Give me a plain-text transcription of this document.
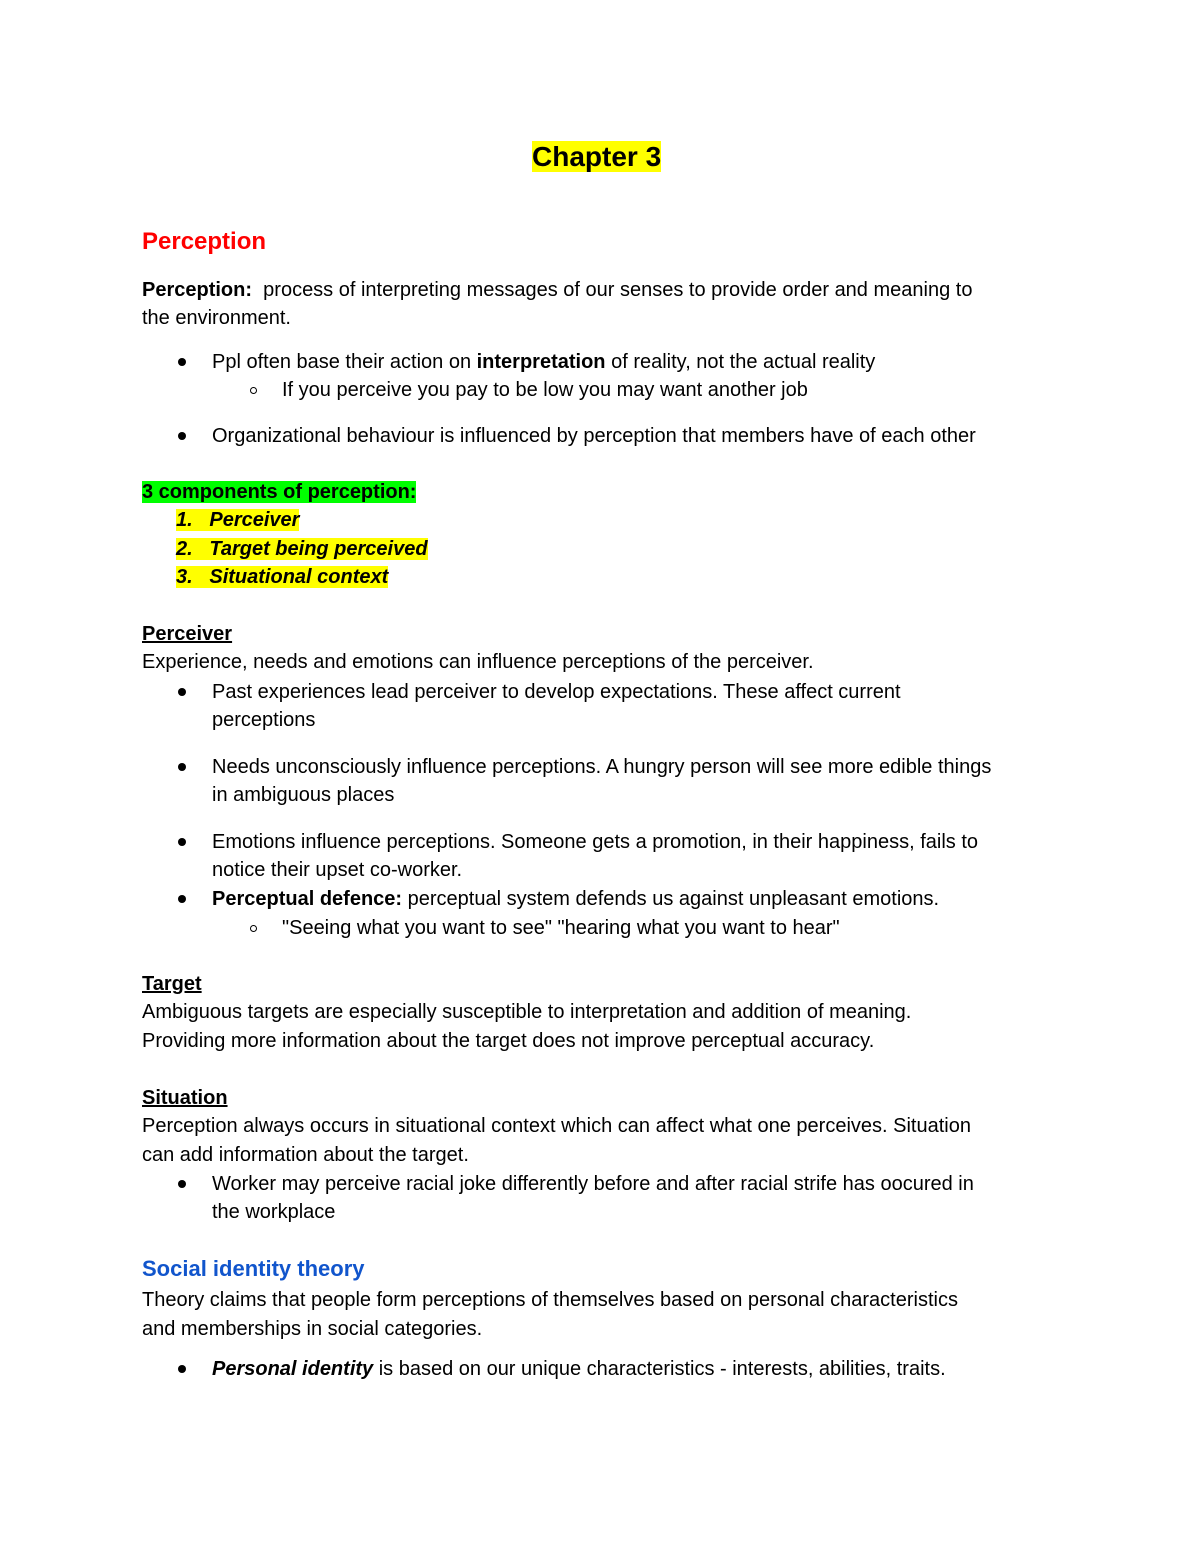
Chapter 3
Perception
Perception: process of interpreting messages of our senses to provide order and meaning to
the environment.
Ppl often base their action on interpretation of reality, not the actual reality
If you perceive you pay to be low you may want another job
Organizational behaviour is influenced by perception that members have of each other
3 components of perception:
1. Perceiver
2. Target being perceived
3. Situational context
Perceiver
Experience, needs and emotions can influence perceptions of the perceiver.
Past experiences lead perceiver to develop expectations. These affect current
perceptions
Needs unconsciously influence perceptions. A hungry person will see more edible things
in ambiguous places
Emotions influence perceptions. Someone gets a promotion, in their happiness, fails to
notice their upset co-worker.
Perceptual defence: perceptual system defends us against unpleasant emotions.
"Seeing what you want to see" "hearing what you want to hear"
Target
Ambiguous targets are especially susceptible to interpretation and addition of meaning.
Providing more information about the target does not improve perceptual accuracy.
Situation
Perception always occurs in situational context which can affect what one perceives. Situation
can add information about the target.
Worker may perceive racial joke differently before and after racial strife has oocured in
the workplace
Social identity theory
Theory claims that people form perceptions of themselves based on personal characteristics
and memberships in social categories.
Personal identity is based on our unique characteristics - interests, abilities, traits.
